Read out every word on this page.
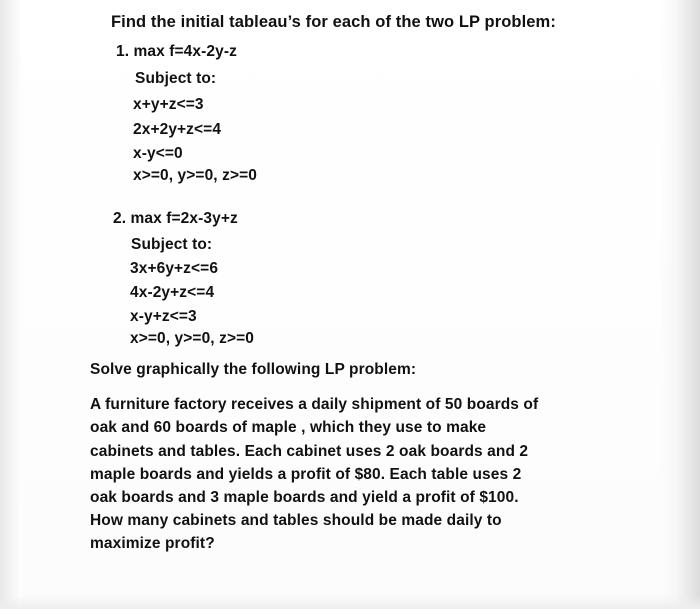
Find the initial tableau’s for each of the two LP problem:
1. max f=4x-2y-z
Subject to:
x+y+z<=3
2x+2y+z<=4
x-y<=0
x>=0, y>=0, z>=0
2. max f=2x-3y+z
Subject to:
3x+6y+z<=6
4x-2y+z<=4
x-y+z<=3
x>=0, y>=0, z>=0
Solve graphically the following LP problem:
A furniture factory receives a daily shipment of 50 boards of
oak and 60 boards of maple , which they use to make
cabinets and tables. Each cabinet uses 2 oak boards and 2
maple boards and yields a profit of $80. Each table uses 2
oak boards and 3 maple boards and yield a profit of $100.
How many cabinets and tables should be made daily to
maximize profit?
